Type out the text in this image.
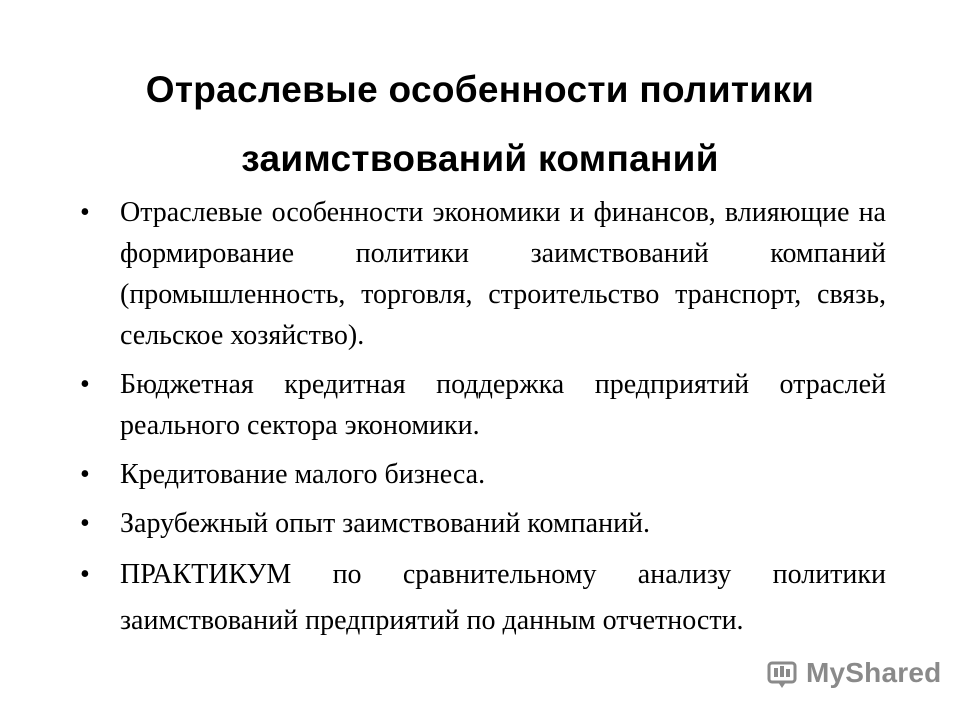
Отраслевые особенности политики
заимствований компаний
•	Отраслевые особенности экономики и финансов, влияющие на формирование политики заимствований компаний (промышленность, торговля, строительство транспорт, связь, сельское хозяйство).
•	Бюджетная кредитная поддержка предприятий отраслей реального сектора экономики.
•	Кредитование малого бизнеса.
•	Зарубежный опыт заимствований компаний.
•	ПРАКТИКУМ по сравнительному анализу политики заимствований предприятий по данным отчетности.
MyShared
